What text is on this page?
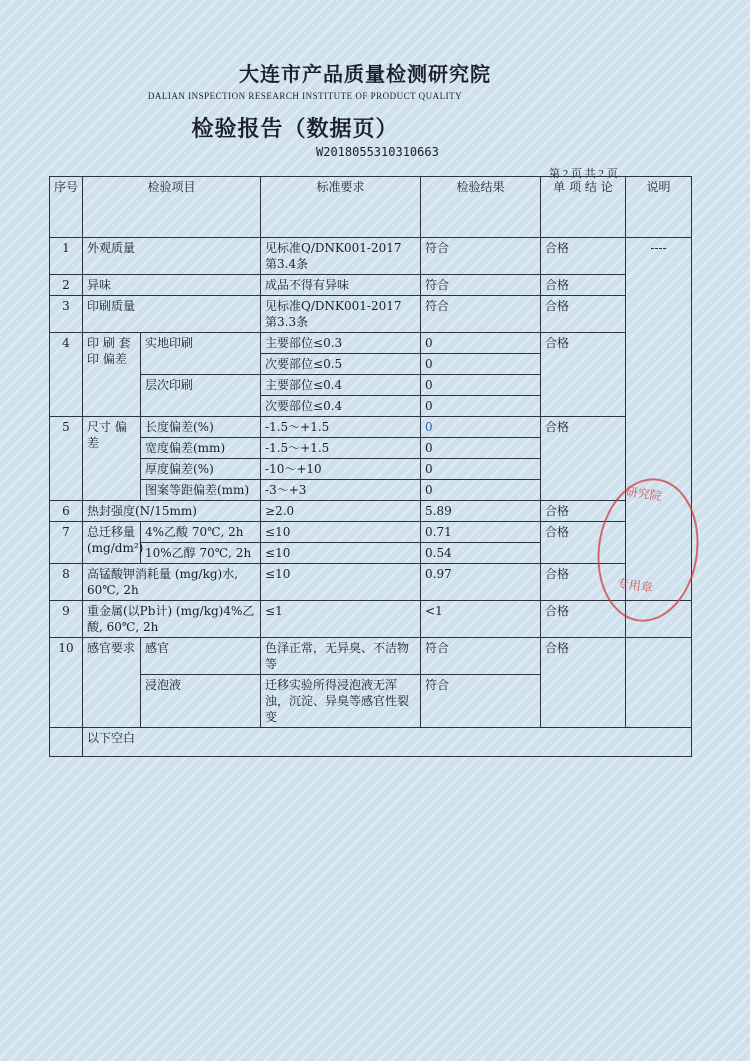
大连市产品质量检测研究院
DALIAN INSPECTION RESEARCH INSTITUTE OF PRODUCT QUALITY
检验报告（数据页）
W2018055310310663
第 2 页 共 2 页
序号	检验项目		标准要求	检验结果	单 项 结 论	说明	
1	外观质量		见标准Q/DNK001-2017 第3.4条	符合	合格	----	
2	异味		成品不得有异味	符合	合格		
3	印刷质量		见标准Q/DNK001-2017 第3.3条	符合	合格		
4	印 刷 套 印 偏差	实地印刷	主要部位≤0.3	0	合格		
			次要部位≤0.5	0			
		层次印刷	主要部位≤0.4	0			
			次要部位≤0.4	0			
5	尺寸 偏差	长度偏差(%)	-1.5～+1.5	0	合格		
		宽度偏差(mm)	-1.5～+1.5	0			
		厚度偏差(%)	-10～+10	0			
		图案等距偏差(mm)	-3～+3	0			
6	热封强度(N/15mm)		≥2.0	5.89	合格		
7	总迁移量 (mg/dm²)	4%乙酸 70℃, 2h	≤10	0.71	合格		
		10%乙醇 70℃, 2h	≤10	0.54			
8	高锰酸钾消耗量 (mg/kg)水, 60℃, 2h		≤10	0.97	合格		
9	重金属(以Pb计) (mg/kg)4%乙酸, 60℃, 2h		≤1	<1	合格		
10	感官要求	感官	色泽正常，无异臭、不洁物等	符合	合格		
		浸泡液	迁移实验所得浸泡液无浑浊，沉淀、异臭等感官性裂变	符合			
	以下空白						
研究院
专用章
